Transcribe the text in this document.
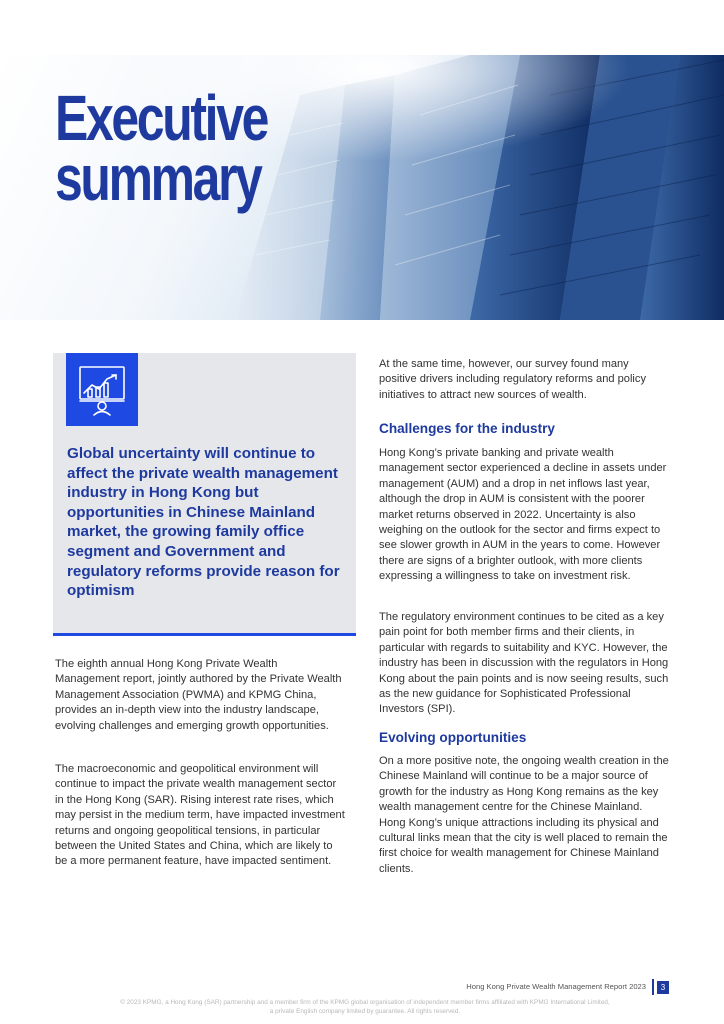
Executive
summary

Global uncertainty will continue to affect the private wealth management industry in Hong Kong but opportunities in Chinese Mainland market, the growing family office segment and Government and regulatory reforms provide reason for optimism

The eighth annual Hong Kong Private Wealth Management report, jointly authored by the Private Wealth Management Association (PWMA) and KPMG China, provides an in-depth view into the industry landscape, evolving challenges and emerging growth opportunities.

The macroeconomic and geopolitical environment will continue to impact the private wealth management sector in the Hong Kong (SAR). Rising interest rate rises, which may persist in the medium term, have impacted investment returns and ongoing geopolitical tensions, in particular between the United States and China, which are likely to be a more permanent feature, have impacted sentiment.

At the same time, however, our survey found many positive drivers including regulatory reforms and policy initiatives to attract new sources of wealth.

Challenges for the industry

Hong Kong’s private banking and private wealth management sector experienced a decline in assets under management (AUM) and a drop in net inflows last year, although the drop in AUM is consistent with the poorer market returns observed in 2022. Uncertainty is also weighing on the outlook for the sector and firms expect to see slower growth in AUM in the years to come. However there are signs of a brighter outlook, with more clients expressing a willingness to take on investment risk.

The regulatory environment continues to be cited as a key pain point for both member firms and their clients, in particular with regards to suitability and KYC. However, the industry has been in discussion with the regulators in Hong Kong about the pain points and is now seeing results, such as the new guidance for Sophisticated Professional Investors (SPI).

Evolving opportunities

On a more positive note, the ongoing wealth creation in the Chinese Mainland will continue to be a major source of growth for the industry as Hong Kong remains as the key wealth management centre for the Chinese Mainland. Hong Kong’s unique attractions including its physical and cultural links mean that the city is well placed to remain the first choice for wealth management for Chinese Mainland clients.

Hong Kong Private Wealth Management Report 2023	3

© 2023 KPMG, a Hong Kong (SAR) partnership and a member firm of the KPMG global organisation of independent member firms affiliated with KPMG International Limited,
a private English company limited by guarantee. All rights reserved.
